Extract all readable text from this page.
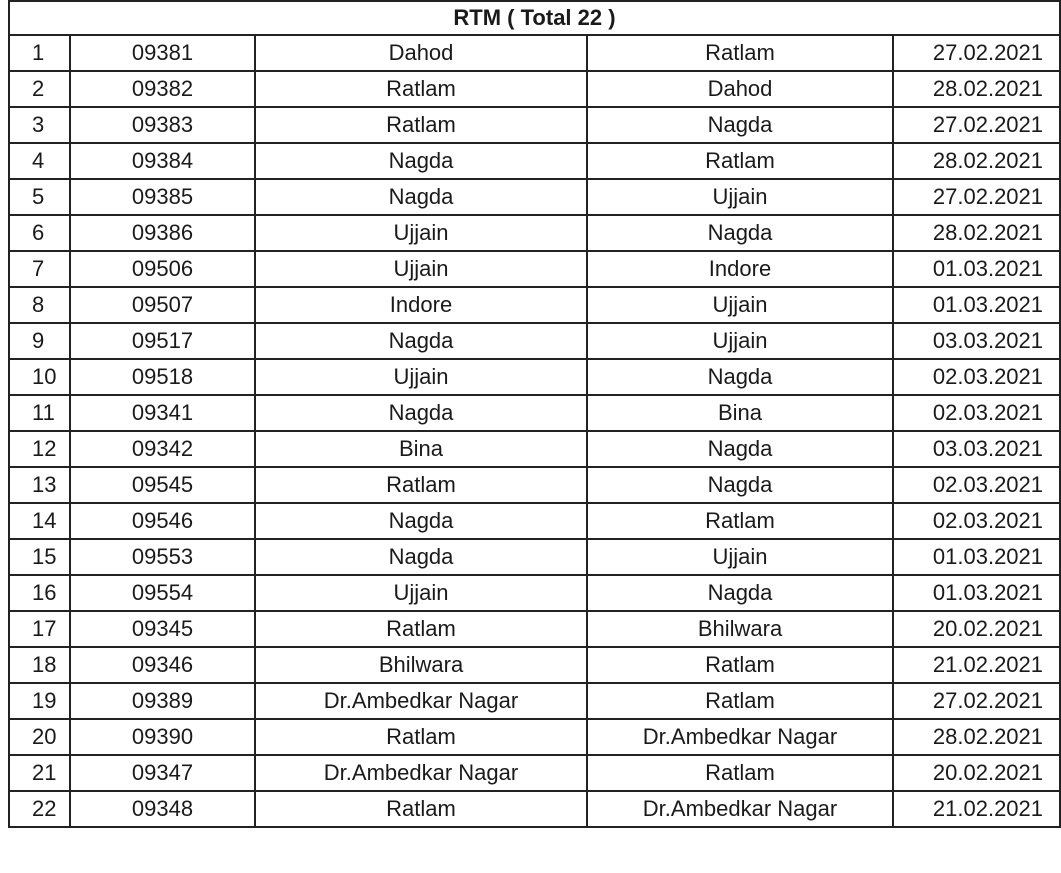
RTM ( Total 22 )				
1	09381	Dahod	Ratlam	27.02.2021
2	09382	Ratlam	Dahod	28.02.2021
3	09383	Ratlam	Nagda	27.02.2021
4	09384	Nagda	Ratlam	28.02.2021
5	09385	Nagda	Ujjain	27.02.2021
6	09386	Ujjain	Nagda	28.02.2021
7	09506	Ujjain	Indore	01.03.2021
8	09507	Indore	Ujjain	01.03.2021
9	09517	Nagda	Ujjain	03.03.2021
10	09518	Ujjain	Nagda	02.03.2021
11	09341	Nagda	Bina	02.03.2021
12	09342	Bina	Nagda	03.03.2021
13	09545	Ratlam	Nagda	02.03.2021
14	09546	Nagda	Ratlam	02.03.2021
15	09553	Nagda	Ujjain	01.03.2021
16	09554	Ujjain	Nagda	01.03.2021
17	09345	Ratlam	Bhilwara	20.02.2021
18	09346	Bhilwara	Ratlam	21.02.2021
19	09389	Dr.Ambedkar Nagar	Ratlam	27.02.2021
20	09390	Ratlam	Dr.Ambedkar Nagar	28.02.2021
21	09347	Dr.Ambedkar Nagar	Ratlam	20.02.2021
22	09348	Ratlam	Dr.Ambedkar Nagar	21.02.2021
